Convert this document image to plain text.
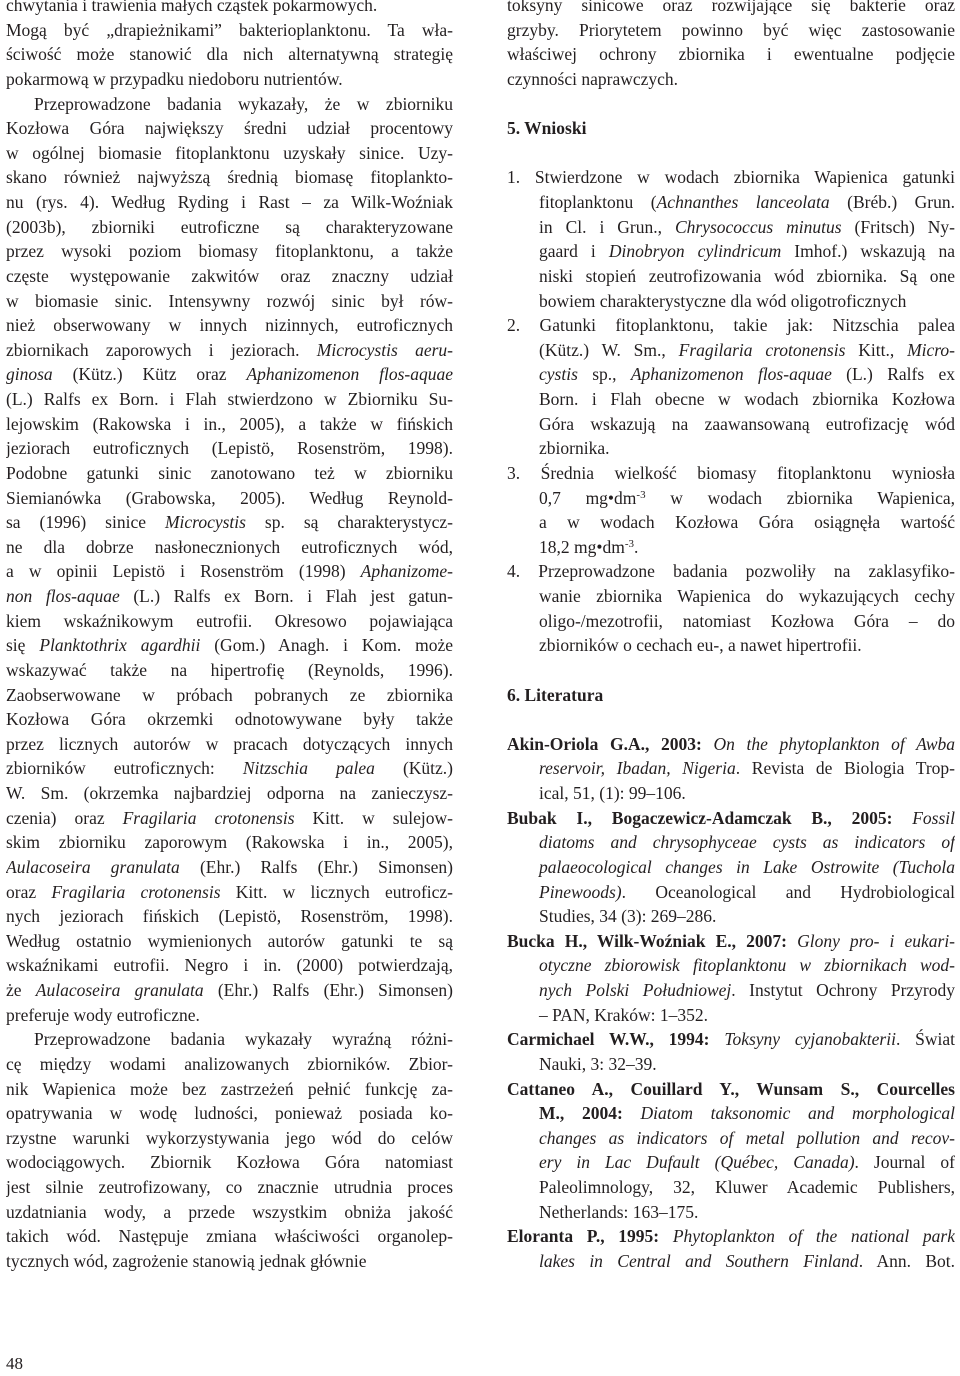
chwytania i trawienia małych cząstek pokarmowych.
Mogą być „drapieżnikami” bakterioplanktonu. Ta wła-
ściwość może stanowić dla nich alternatywną strategię
pokarmową w przypadku niedoboru nutrientów.
Przeprowadzone badania wykazały, że w zbiorniku
Kozłowa Góra największy średni udział procentowy
w ogólnej biomasie fitoplanktonu uzyskały sinice. Uzy-
skano również najwyższą średnią biomasę fitoplankto-
nu (rys. 4). Według Ryding i Rast – za Wilk-Woźniak
(2003b), zbiorniki eutroficzne są charakteryzowane
przez wysoki poziom biomasy fitoplanktonu, a także
częste występowanie zakwitów oraz znaczny udział
w biomasie sinic. Intensywny rozwój sinic był rów-
nież obserwowany w innych nizinnych, eutroficznych
zbiornikach zaporowych i jeziorach. Microcystis aeru-
ginosa (Kütz.) Kütz oraz Aphanizomenon flos-aquae
(L.) Ralfs ex Born. i Flah stwierdzono w Zbiorniku Su-
lejowskim (Rakowska i in., 2005), a także w fińskich
jeziorach eutroficznych (Lepistö, Rosenström, 1998).
Podobne gatunki sinic zanotowano też w zbiorniku
Siemianówka (Grabowska, 2005). Według Reynold-
sa (1996) sinice Microcystis sp. są charakterystycz-
ne dla dobrze nasłonecznionych eutroficznych wód,
a w opinii Lepistö i Rosenström (1998) Aphanizome-
non flos-aquae (L.) Ralfs ex Born. i Flah jest gatun-
kiem wskaźnikowym eutrofii. Okresowo pojawiająca
się Planktothrix agardhii (Gom.) Anagh. i Kom. może
wskazywać także na hipertrofię (Reynolds, 1996).
Zaobserwowane w próbach pobranych ze zbiornika
Kozłowa Góra okrzemki odnotowywane były także
przez licznych autorów w pracach dotyczących innych
zbiorników eutroficznych: Nitzschia palea (Kütz.)
W. Sm. (okrzemka najbardziej odporna na zanieczysz-
czenia) oraz Fragilaria crotonensis Kitt. w sulejow-
skim zbiorniku zaporowym (Rakowska i in., 2005),
Aulacoseira granulata (Ehr.) Ralfs (Ehr.) Simonsen)
oraz Fragilaria crotonensis Kitt. w licznych eutroficz-
nych jeziorach fińskich (Lepistö, Rosenström, 1998).
Według ostatnio wymienionych autorów gatunki te są
wskaźnikami eutrofii. Negro i in. (2000) potwierdzają,
że Aulacoseira granulata (Ehr.) Ralfs (Ehr.) Simonsen)
preferuje wody eutroficzne.
Przeprowadzone badania wykazały wyraźną różni-
cę między wodami analizowanych zbiorników. Zbior-
nik Wapienica może bez zastrzeżeń pełnić funkcję za-
opatrywania w wodę ludności, ponieważ posiada ko-
rzystne warunki wykorzystywania jego wód do celów
wodociągowych. Zbiornik Kozłowa Góra natomiast
jest silnie zeutrofizowany, co znacznie utrudnia proces
uzdatniania wody, a przede wszystkim obniża jakość
takich wód. Następuje zmiana właściwości organolep-
tycznych wód, zagrożenie stanowią jednak głównie
toksyny sinicowe oraz rozwijające się bakterie oraz
grzyby. Priorytetem powinno być więc zastosowanie
właściwej ochrony zbiornika i ewentualne podjęcie
czynności naprawczych.
5. Wnioski
1. Stwierdzone w wodach zbiornika Wapienica gatunki
fitoplanktonu (Achnanthes lanceolata (Bréb.) Grun.
in Cl. i Grun., Chrysococcus minutus (Fritsch) Ny-
gaard i Dinobryon cylindricum Imhof.) wskazują na
niski stopień zeutrofizowania wód zbiornika. Są one
bowiem charakterystyczne dla wód oligotroficznych
2. Gatunki fitoplanktonu, takie jak: Nitzschia palea
(Kütz.) W. Sm., Fragilaria crotonensis Kitt., Micro-
cystis sp., Aphanizomenon flos-aquae (L.) Ralfs ex
Born. i Flah obecne w wodach zbiornika Kozłowa
Góra wskazują na zaawansowaną eutrofizację wód
zbiornika.
3. Średnia wielkość biomasy fitoplanktonu wyniosła
0,7 $mg•dm^{-3}$ w wodach zbiornika Wapienica,
a w wodach Kozłowa Góra osiągnęła wartość
18,2 $mg•dm^{-3}$.
4. Przeprowadzone badania pozwoliły na zaklasyfiko-
wanie zbiornika Wapienica do wykazujących cechy
oligo-/mezotrofii, natomiast Kozłowa Góra – do
zbiorników o cechach eu-, a nawet hipertrofii.
6. Literatura
Akin-Oriola G.A., 2003: On the phytoplankton of Awba
reservoir, Ibadan, Nigeria. Revista de Biologia Trop-
ical, 51, (1): 99–106.
Bubak I., Bogaczewicz-Adamczak B., 2005: Fossil
diatoms and chrysophyceae cysts as indicators of
palaeocological changes in Lake Ostrowite (Tuchola
Pinewoods). Oceanological and Hydrobiological
Studies, 34 (3): 269–286.
Bucka H., Wilk-Woźniak E., 2007: Glony pro- i eukari-
otyczne zbiorowisk fitoplanktonu w zbiornikach wod-
nych Polski Południowej. Instytut Ochrony Przyrody
– PAN, Kraków: 1–352.
Carmichael W.W., 1994: Toksyny cyjanobakterii. Świat
Nauki, 3: 32–39.
Cattaneo A., Couillard Y., Wunsam S., Courcelles
M., 2004: Diatom taksonomic and morphological
changes as indicators of metal pollution and recov-
ery in Lac Dufault (Québec, Canada). Journal of
Paleolimnology, 32, Kluwer Academic Publishers,
Netherlands: 163–175.
Eloranta P., 1995: Phytoplankton of the national park
lakes in Central and Southern Finland. Ann. Bot.
48
